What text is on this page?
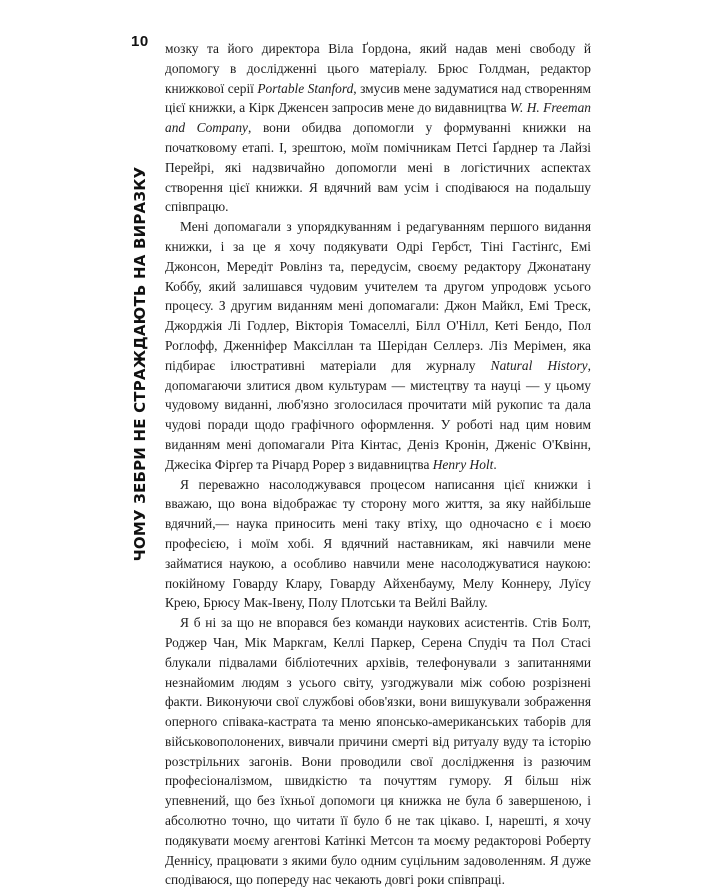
10
ЧОМУ ЗЕБРИ НЕ СТРАЖДАЮТЬ НА ВИРАЗКУ

мозку та його директора Віла Ґордона, який надав мені свободу й допомогу в дослідженні цього матеріалу. Брюс Голдман, редактор книжкової серії Portable Stanford, змусив мене задуматися над створенням цієї книжки, а Кірк Дженсен запросив мене до видавництва W. H. Freeman and Company, вони обидва допомогли у формуванні книжки на початковому етапі. І, зрештою, моїм помічникам Петсі Ґарднер та Лайзі Перейрі, які надзвичайно допомогли мені в логістичних аспектах створення цієї книжки. Я вдячний вам усім і сподіваюся на подальшу співпрацю.

Мені допомагали з упорядкуванням і редагуванням першого видання книжки, і за це я хочу подякувати Одрі Гербст, Тіні Гастінґс, Емі Джонсон, Мередіт Ровлінз та, передусім, своєму редактору Джонатану Коббу, який залишався чудовим учителем та другом упродовж усього процесу. З другим виданням мені допомагали: Джон Майкл, Емі Треск, Джорджія Лі Годлер, Вікторія Томаселлі, Білл О'Нілл, Кеті Бендо, Пол Роґлофф, Дженніфер Максіллан та Шерідан Селлерз. Ліз Мерімен, яка підбирає ілюстративні матеріали для журналу Natural History, допомагаючи злитися двом культурам — мистецтву та науці — у цьому чудовому виданні, люб'язно зголосилася прочитати мій рукопис та дала чудові поради щодо графічного оформлення. У роботі над цим новим виданням мені допомагали Ріта Кінтас, Деніз Кронін, Дженіс О'Квінн, Джесіка Фірґер та Річард Рорер з видавництва Henry Holt.

Я переважно насолоджувався процесом написання цієї книжки і вважаю, що вона відображає ту сторону мого життя, за яку найбільше вдячний,— наука приносить мені таку втіху, що одночасно є і моєю професією, і моїм хобі. Я вдячний наставникам, які навчили мене займатися наукою, а особливо навчили мене насолоджуватися наукою: покійному Говарду Клару, Говарду Айхенбауму, Мелу Коннеру, Луїсу Крею, Брюсу Мак-Івену, Полу Плотськи та Вейлі Вайлу.

Я б ні за що не впорався без команди наукових асистентів. Стів Болт, Роджер Чан, Мік Маркгам, Келлі Паркер, Серена Спудіч та Пол Стасі блукали підвалами бібліотечних архівів, телефонували з запитаннями незнайомим людям з усього світу, узгоджували між собою розрізнені факти. Виконуючи свої службові обов'язки, вони вишукували зображення оперного співака-кастрата та меню японсько-американських таборів для військовополонених, вивчали причини смерті від ритуалу вуду та історію розстрільних загонів. Вони проводили свої дослідження із разючим професіоналізмом, швидкістю та почуттям гумору. Я більш ніж упевнений, що без їхньої допомоги ця книжка не була б завершеною, і абсолютно точно, що читати її було б не так цікаво. І, нарешті, я хочу подякувати моєму агентові Катінкі Метсон та моєму редакторові Роберту Деннісу, працювати з якими було одним суцільним задоволенням. Я дуже сподіваюся, що попереду нас чекають довгі роки співпраці.
